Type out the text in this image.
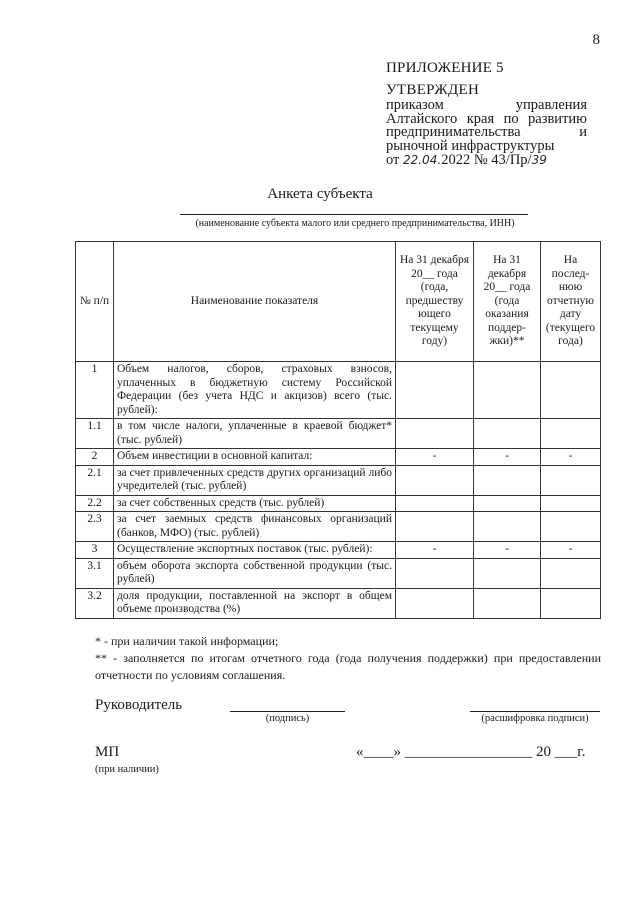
8
ПРИЛОЖЕНИЕ 5
УТВЕРЖДЕН
приказом управления Алтайского края по развитию предпринимательства и рыночной инфраструктуры
от 22.04.2022 № 43/Пр/39
Анкета субъекта
(наименование субъекта малого или среднего предпринимательства, ИНН)
№ п/п	Наименование показателя	На 31 декабря 20__ года (года, предшеству ющего текущему году)	На 31 декабря 20__ года (года оказания поддер-жки)**	На послед-нюю отчетную дату (текущего года)
1	Объем налогов, сборов, страховых взносов, уплаченных в бюджетную систему Российской Федерации (без учета НДС и акцизов) всего (тыс. рублей):			
1.1	в том числе налоги, уплаченные в краевой бюджет* (тыс. рублей)			
2	Объем инвестиции в основной капитал:	-	-	-
2.1	за счет привлеченных средств других организаций либо учредителей (тыс. рублей)			
2.2	за счет собственных средств (тыс. рублей)			
2.3	за счет заемных средств финансовых организаций (банков, МФО) (тыс. рублей)			
3	Осуществление экспортных поставок (тыс. рублей):	-	-	-
3.1	объем оборота экспорта собственной продукции (тыс. рублей)			
3.2	доля продукции, поставленной на экспорт в общем объеме производства (%)			
* - при наличии такой информации;
** - заполняется по итогам отчетного года (года получения поддержки) при предоставлении отчетности по условиям соглашения.
Руководитель
(подпись)	(расшифровка подписи)
МП
(при наличии)
«____» _________________ 20 ___г.
